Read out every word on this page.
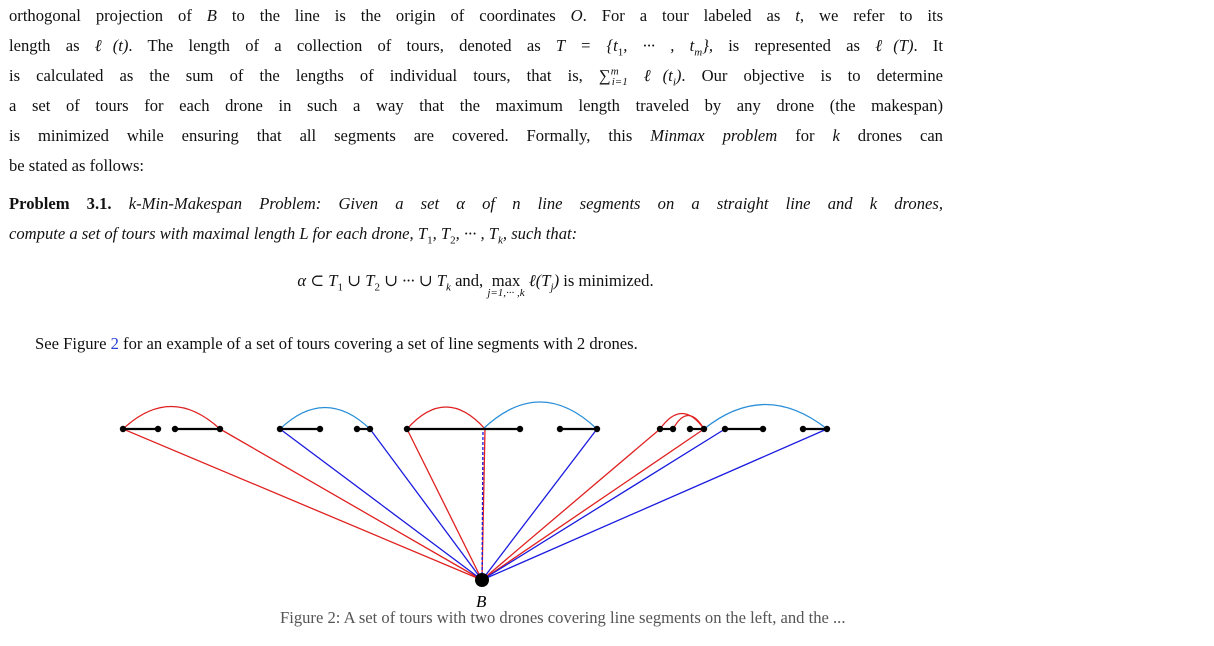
orthogonal projection of B to the line is the origin of coordinates O. For a tour labeled as t, we refer to its
length as ℓ(t). The length of a collection of tours, denoted as $T = \{t_1$, ··· , $t_m$}, is represented as ℓ(T). It
is calculated as the sum of the lengths of individual tours, that is, ∑$^m_{i=1}$ $\ell(t_i)$. Our objective is to determine
a set of tours for each drone in such a way that the maximum length traveled by any drone (the makespan)
is minimized while ensuring that all segments are covered. Formally, this Minmax problem for k drones can
be stated as follows:
Problem 3.1. k-Min-Makespan Problem: Given a set α of n line segments on a straight line and k drones,
compute a set of tours with maximal length L for each drone, $T_1$, $T_2$, ··· , $T_k$, such that:
α ⊂ $T_1$ ∪ $T_2$ ∪ ··· ∪ $T_k$ and, max
j=1,··· ,k
$\ell(T_j)$ is minimized.
See Figure 2 for an example of a set of tours covering a set of line segments with 2 drones.
B
Figure 2: A set of tours with two drones covering line segments on the left, and the ...
